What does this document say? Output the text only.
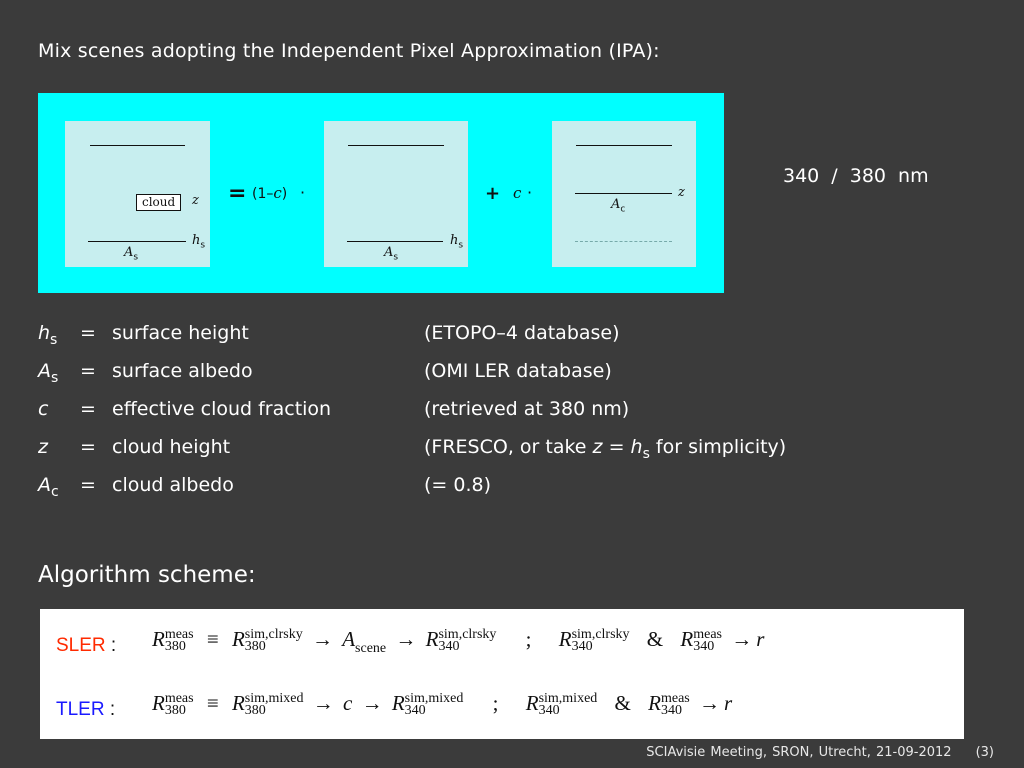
Mix scenes adopting the Independent Pixel Approximation (IPA):
cloud	z
$h_s$
$A_s$
= (1–c) ·
$h_s$
$A_s$
+ c ·	z
$A_c$
340 / 380 nm
$h_s$ = surface height	(ETOPO–4 database)
$A_s$ = surface albedo	(OMI LER database)
c = effective cloud fraction	(retrieved at 380 nm)
z = cloud height	(FRESCO, or take $z = h_s$ for simplicity)
$A_c$ = cloud albedo	(= 0.8)
Algorithm scheme:
SLER : Rmeas
380 ≡ Rsim,clrsky
380 → Ascene → Rsim,clrsky
340	; Rsim,clrsky
340	& Rmeas
340 → r
TLER : Rmeas
380 ≡ Rsim,mixed
380 → c → Rsim,mixed
340	; Rsim,mixed
340	& Rmeas
340 → r
SCIAvisie Meeting, SRON, Utrecht, 21-09-2012 (3)
